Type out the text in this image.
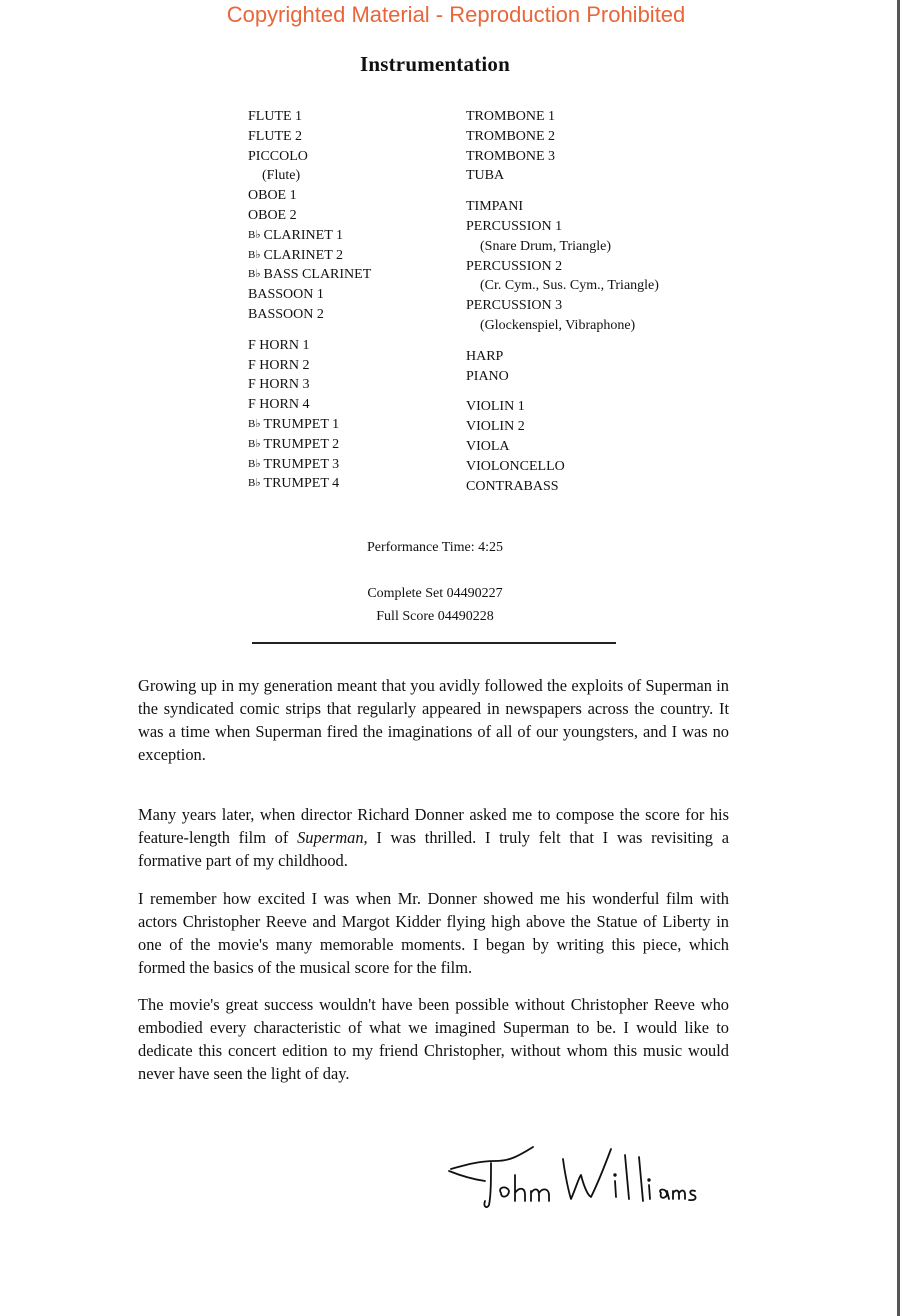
Copyrighted Material - Reproduction Prohibited
Instrumentation
FLUTE 1
FLUTE 2
PICCOLO
(Flute)
OBOE 1
OBOE 2
B♭ CLARINET 1
B♭ CLARINET 2
B♭ BASS CLARINET
BASSOON 1
BASSOON 2
F HORN 1
F HORN 2
F HORN 3
F HORN 4
B♭ TRUMPET 1
B♭ TRUMPET 2
B♭ TRUMPET 3
B♭ TRUMPET 4
TROMBONE 1
TROMBONE 2
TROMBONE 3
TUBA
TIMPANI
PERCUSSION 1
(Snare Drum, Triangle)
PERCUSSION 2
(Cr. Cym., Sus. Cym., Triangle)
PERCUSSION 3
(Glockenspiel, Vibraphone)
HARP
PIANO
VIOLIN 1
VIOLIN 2
VIOLA
VIOLONCELLO
CONTRABASS
Performance Time: 4:25
Complete Set 04490227
Full Score 04490228

Growing up in my generation meant that you avidly followed the exploits of Superman in the syndicated comic strips that regularly appeared in newspapers across the country. It was a time when Superman fired the imaginations of all of our youngsters, and I was no exception.

Many years later, when director Richard Donner asked me to compose the score for his feature-length film of Superman, I was thrilled. I truly felt that I was revisiting a formative part of my childhood.

I remember how excited I was when Mr. Donner showed me his wonderful film with actors Christopher Reeve and Margot Kidder flying high above the Statue of Liberty in one of the movie's many memorable moments. I began by writing this piece, which formed the basics of the musical score for the film.

The movie's great success wouldn't have been possible without Christopher Reeve who embodied every characteristic of what we imagined Superman to be. I would like to dedicate this concert edition to my friend Christopher, without whom this music would never have seen the light of day.
